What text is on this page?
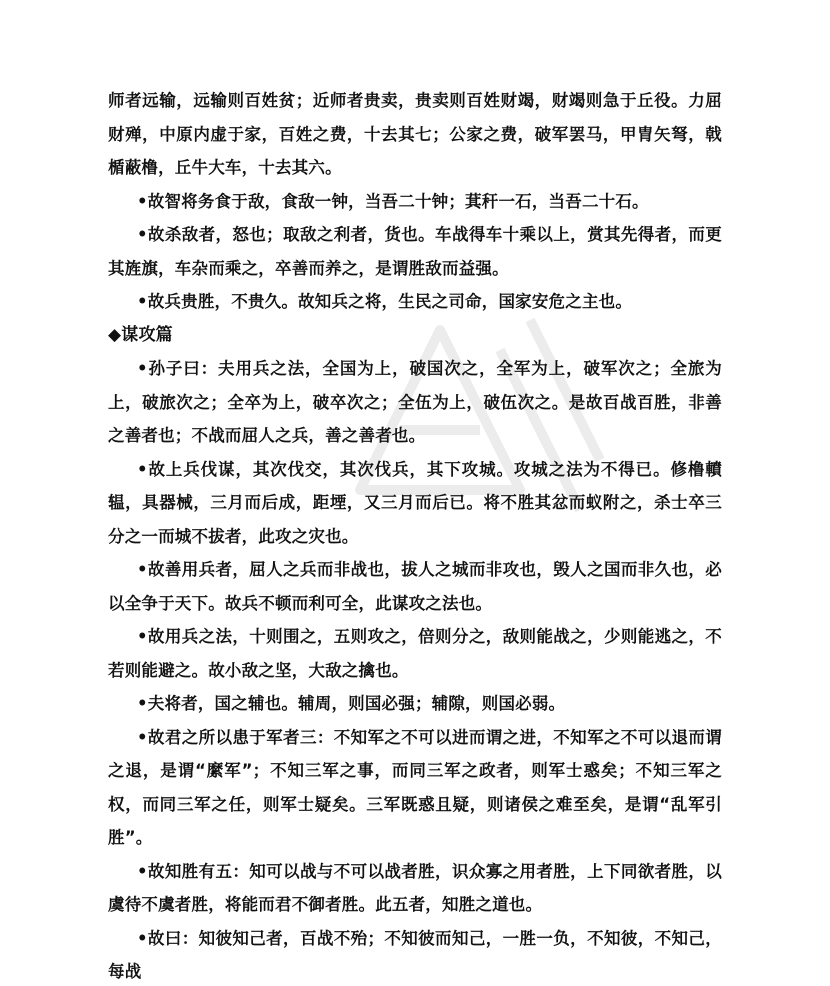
师者远输，远输则百姓贫；近师者贵卖，贵卖则百姓财竭，财竭则急于丘役。力屈财殚，中原内虚于家，百姓之费，十去其七；公家之费，破军罢马，甲胄矢弩，戟楯蔽橹，丘牛大车，十去其六。

•故智将务食于敌，食敌一钟，当吾二十钟；萁秆一石，当吾二十石。

•故杀敌者，怒也；取敌之利者，货也。车战得车十乘以上，赏其先得者，而更其旌旗，车杂而乘之，卒善而养之，是谓胜敌而益强。

•故兵贵胜，不贵久。故知兵之将，生民之司命，国家安危之主也。

◆谋攻篇

•孙子曰：夫用兵之法，全国为上，破国次之，全军为上，破军次之；全旅为上，破旅次之；全卒为上，破卒次之；全伍为上，破伍次之。是故百战百胜，非善之善者也；不战而屈人之兵，善之善者也。

•故上兵伐谋，其次伐交，其次伐兵，其下攻城。攻城之法为不得已。修橹轒辒，具器械，三月而后成，距堙，又三月而后已。将不胜其忿而蚁附之，杀士卒三分之一而城不拔者，此攻之灾也。

•故善用兵者，屈人之兵而非战也，拔人之城而非攻也，毁人之国而非久也，必以全争于天下。故兵不顿而利可全，此谋攻之法也。

•故用兵之法，十则围之，五则攻之，倍则分之，敌则能战之，少则能逃之，不若则能避之。故小敌之坚，大敌之擒也。

•夫将者，国之辅也。辅周，则国必强；辅隙，则国必弱。

•故君之所以患于军者三：不知军之不可以进而谓之进，不知军之不可以退而谓之退，是谓“縻军”；不知三军之事，而同三军之政者，则军士惑矣；不知三军之权，而同三军之任，则军士疑矣。三军既惑且疑，则诸侯之难至矣，是谓“乱军引胜”。

•故知胜有五：知可以战与不可以战者胜，识众寡之用者胜，上下同欲者胜，以虞待不虞者胜，将能而君不御者胜。此五者，知胜之道也。

•故曰：知彼知己者，百战不殆；不知彼而知己，一胜一负，不知彼，不知己，每战
